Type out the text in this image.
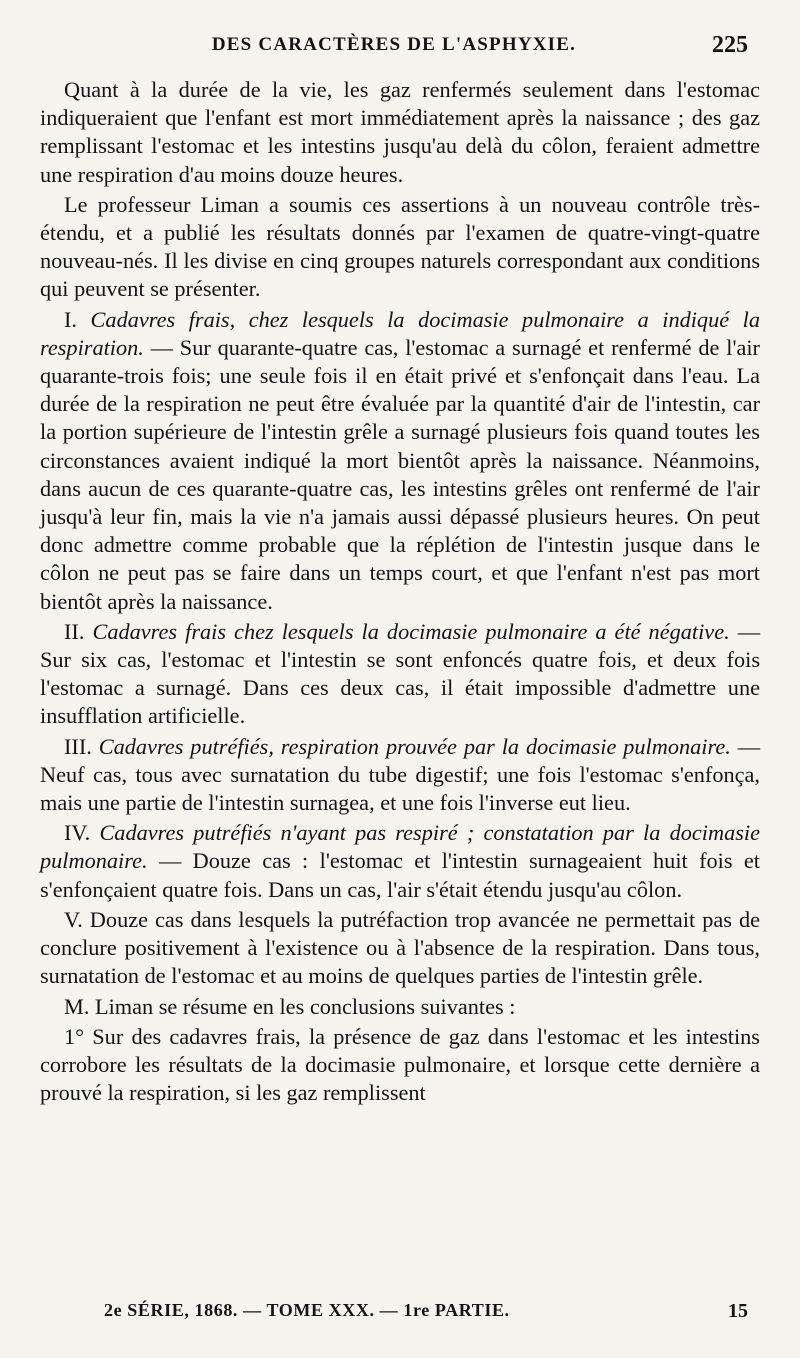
DES CARACTÈRES DE L'ASPHYXIE.	225

Quant à la durée de la vie, les gaz renfermés seulement dans l'estomac indiqueraient que l'enfant est mort immédiatement après la naissance ; des gaz remplissant l'estomac et les intestins jusqu'au delà du côlon, feraient admettre une respiration d'au moins douze heures.

Le professeur Liman a soumis ces assertions à un nouveau contrôle très-étendu, et a publié les résultats donnés par l'examen de quatre-vingt-quatre nouveau-nés. Il les divise en cinq groupes naturels correspondant aux conditions qui peuvent se présenter.

I. Cadavres frais, chez lesquels la docimasie pulmonaire a indiqué la respiration. — Sur quarante-quatre cas, l'estomac a surnagé et renfermé de l'air quarante-trois fois; une seule fois il en était privé et s'enfonçait dans l'eau. La durée de la respiration ne peut être évaluée par la quantité d'air de l'intestin, car la portion supérieure de l'intestin grêle a surnagé plusieurs fois quand toutes les circonstances avaient indiqué la mort bientôt après la naissance. Néanmoins, dans aucun de ces quarante-quatre cas, les intestins grêles ont renfermé de l'air jusqu'à leur fin, mais la vie n'a jamais aussi dépassé plusieurs heures. On peut donc admettre comme probable que la réplétion de l'intestin jusque dans le côlon ne peut pas se faire dans un temps court, et que l'enfant n'est pas mort bientôt après la naissance.

II. Cadavres frais chez lesquels la docimasie pulmonaire a été négative. — Sur six cas, l'estomac et l'intestin se sont enfoncés quatre fois, et deux fois l'estomac a surnagé. Dans ces deux cas, il était impossible d'admettre une insufflation artificielle.

III. Cadavres putréfiés, respiration prouvée par la docimasie pulmonaire. — Neuf cas, tous avec surnatation du tube digestif; une fois l'estomac s'enfonça, mais une partie de l'intestin surnagea, et une fois l'inverse eut lieu.

IV. Cadavres putréfiés n'ayant pas respiré ; constatation par la docimasie pulmonaire. — Douze cas : l'estomac et l'intestin surnageaient huit fois et s'enfonçaient quatre fois. Dans un cas, l'air s'était étendu jusqu'au côlon.

V. Douze cas dans lesquels la putréfaction trop avancée ne permettait pas de conclure positivement à l'existence ou à l'absence de la respiration. Dans tous, surnatation de l'estomac et au moins de quelques parties de l'intestin grêle.

M. Liman se résume en les conclusions suivantes :

1° Sur des cadavres frais, la présence de gaz dans l'estomac et les intestins corrobore les résultats de la docimasie pulmonaire, et lorsque cette dernière a prouvé la respiration, si les gaz remplissent

2e SÉRIE, 1868. — TOME XXX. — 1re PARTIE.	15
